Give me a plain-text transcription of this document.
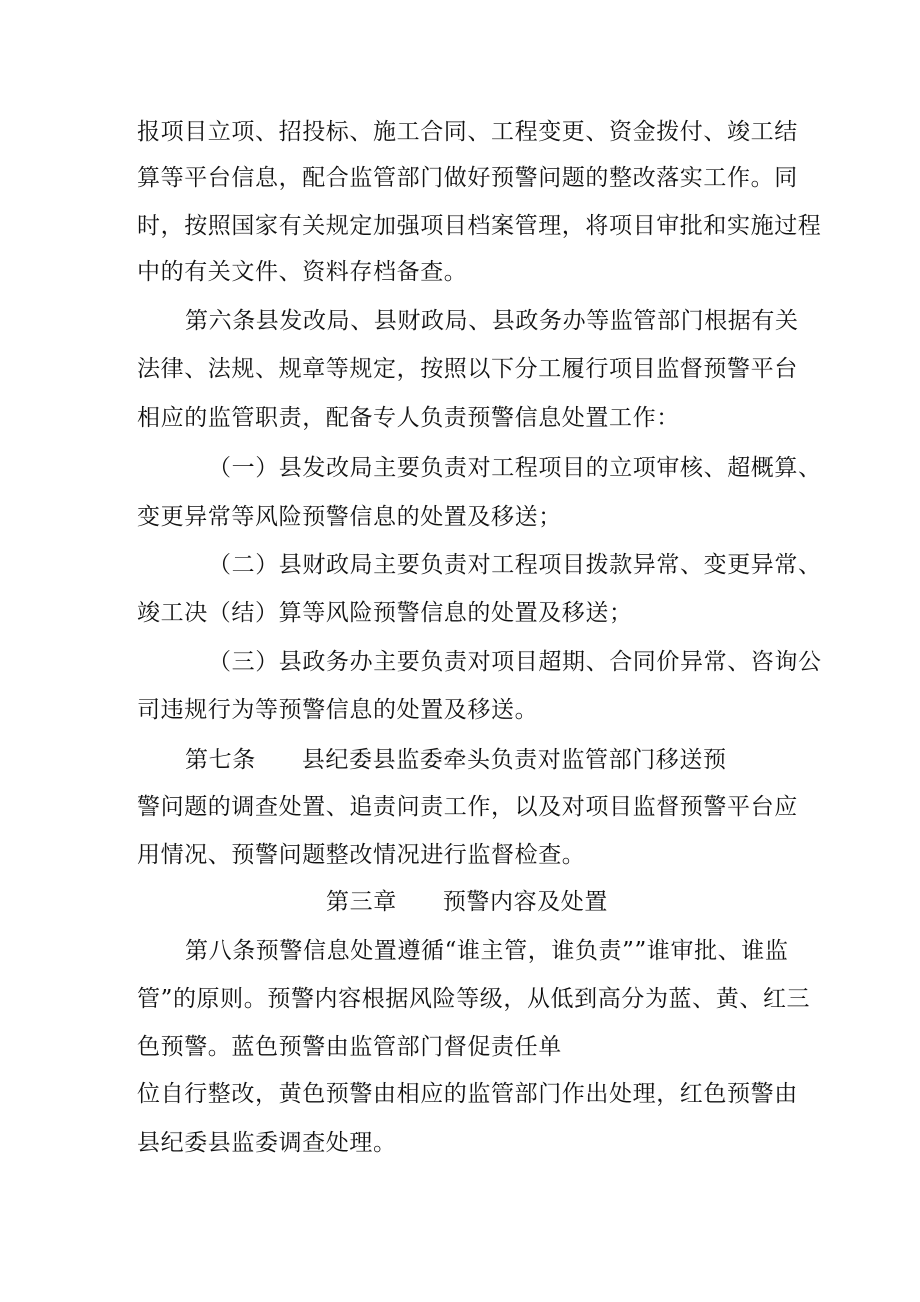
报项目立项、招投标、施工合同、工程变更、资金拨付、竣工结
算等平台信息，配合监管部门做好预警问题的整改落实工作。同
时，按照国家有关规定加强项目档案管理，将项目审批和实施过程
中的有关文件、资料存档备查。
第六条县发改局、县财政局、县政务办等监管部门根据有关
法律、法规、规章等规定，按照以下分工履行项目监督预警平台
相应的监管职责，配备专人负责预警信息处置工作：
（一）县发改局主要负责对工程项目的立项审核、超概算、
变更异常等风险预警信息的处置及移送；
（二）县财政局主要负责对工程项目拨款异常、变更异常、
竣工决（结）算等风险预警信息的处置及移送；
（三）县政务办主要负责对项目超期、合同价异常、咨询公
司违规行为等预警信息的处置及移送。
第七条 县纪委县监委牵头负责对监管部门移送预
警问题的调查处置、追责问责工作，以及对项目监督预警平台应
用情况、预警问题整改情况进行监督检查。
第三章 预警内容及处置
第八条预警信息处置遵循“谁主管，谁负责””谁审批、谁监
管”的原则。预警内容根据风险等级，从低到高分为蓝、黄、红三
色预警。蓝色预警由监管部门督促责任单
位自行整改，黄色预警由相应的监管部门作出处理，红色预警由
县纪委县监委调查处理。
